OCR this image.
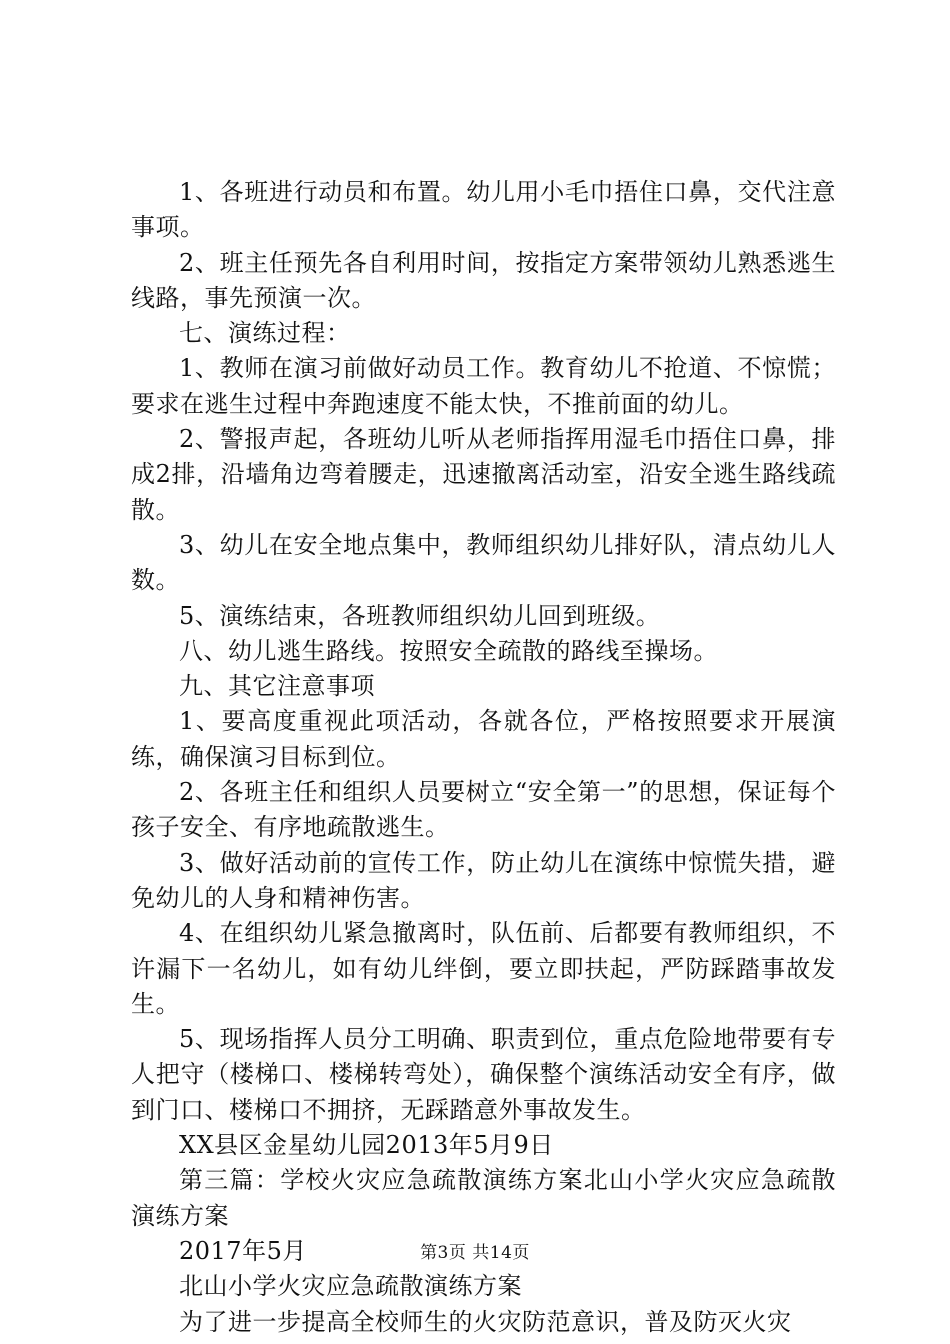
1、各班进行动员和布置。幼儿用小毛巾捂住口鼻，交代注意事项。

2、班主任预先各自利用时间，按指定方案带领幼儿熟悉逃生线路，事先预演一次。

七、演练过程：

1、教师在演习前做好动员工作。教育幼儿不抢道、不惊慌；要求在逃生过程中奔跑速度不能太快，不推前面的幼儿。

2、警报声起，各班幼儿听从老师指挥用湿毛巾捂住口鼻，排成2排，沿墙角边弯着腰走，迅速撤离活动室，沿安全逃生路线疏散。

3、幼儿在安全地点集中，教师组织幼儿排好队，清点幼儿人数。

5、演练结束，各班教师组织幼儿回到班级。

八、幼儿逃生路线。按照安全疏散的路线至操场。

九、其它注意事项

1、要高度重视此项活动，各就各位，严格按照要求开展演练，确保演习目标到位。

2、各班主任和组织人员要树立“安全第一”的思想，保证每个孩子安全、有序地疏散逃生。

3、做好活动前的宣传工作，防止幼儿在演练中惊慌失措，避免幼儿的人身和精神伤害。

4、在组织幼儿紧急撤离时，队伍前、后都要有教师组织，不许漏下一名幼儿，如有幼儿绊倒，要立即扶起，严防踩踏事故发生。

5、现场指挥人员分工明确、职责到位，重点危险地带要有专人把守（楼梯口、楼梯转弯处），确保整个演练活动安全有序，做到门口、楼梯口不拥挤，无踩踏意外事故发生。

XX县区金星幼儿园2013年5月9日

第三篇：学校火灾应急疏散演练方案北山小学火灾应急疏散演练方案

2017年5月

北山小学火灾应急疏散演练方案

为了进一步提高全校师生的火灾防范意识，普及防灭火灾

第3页 共14页
